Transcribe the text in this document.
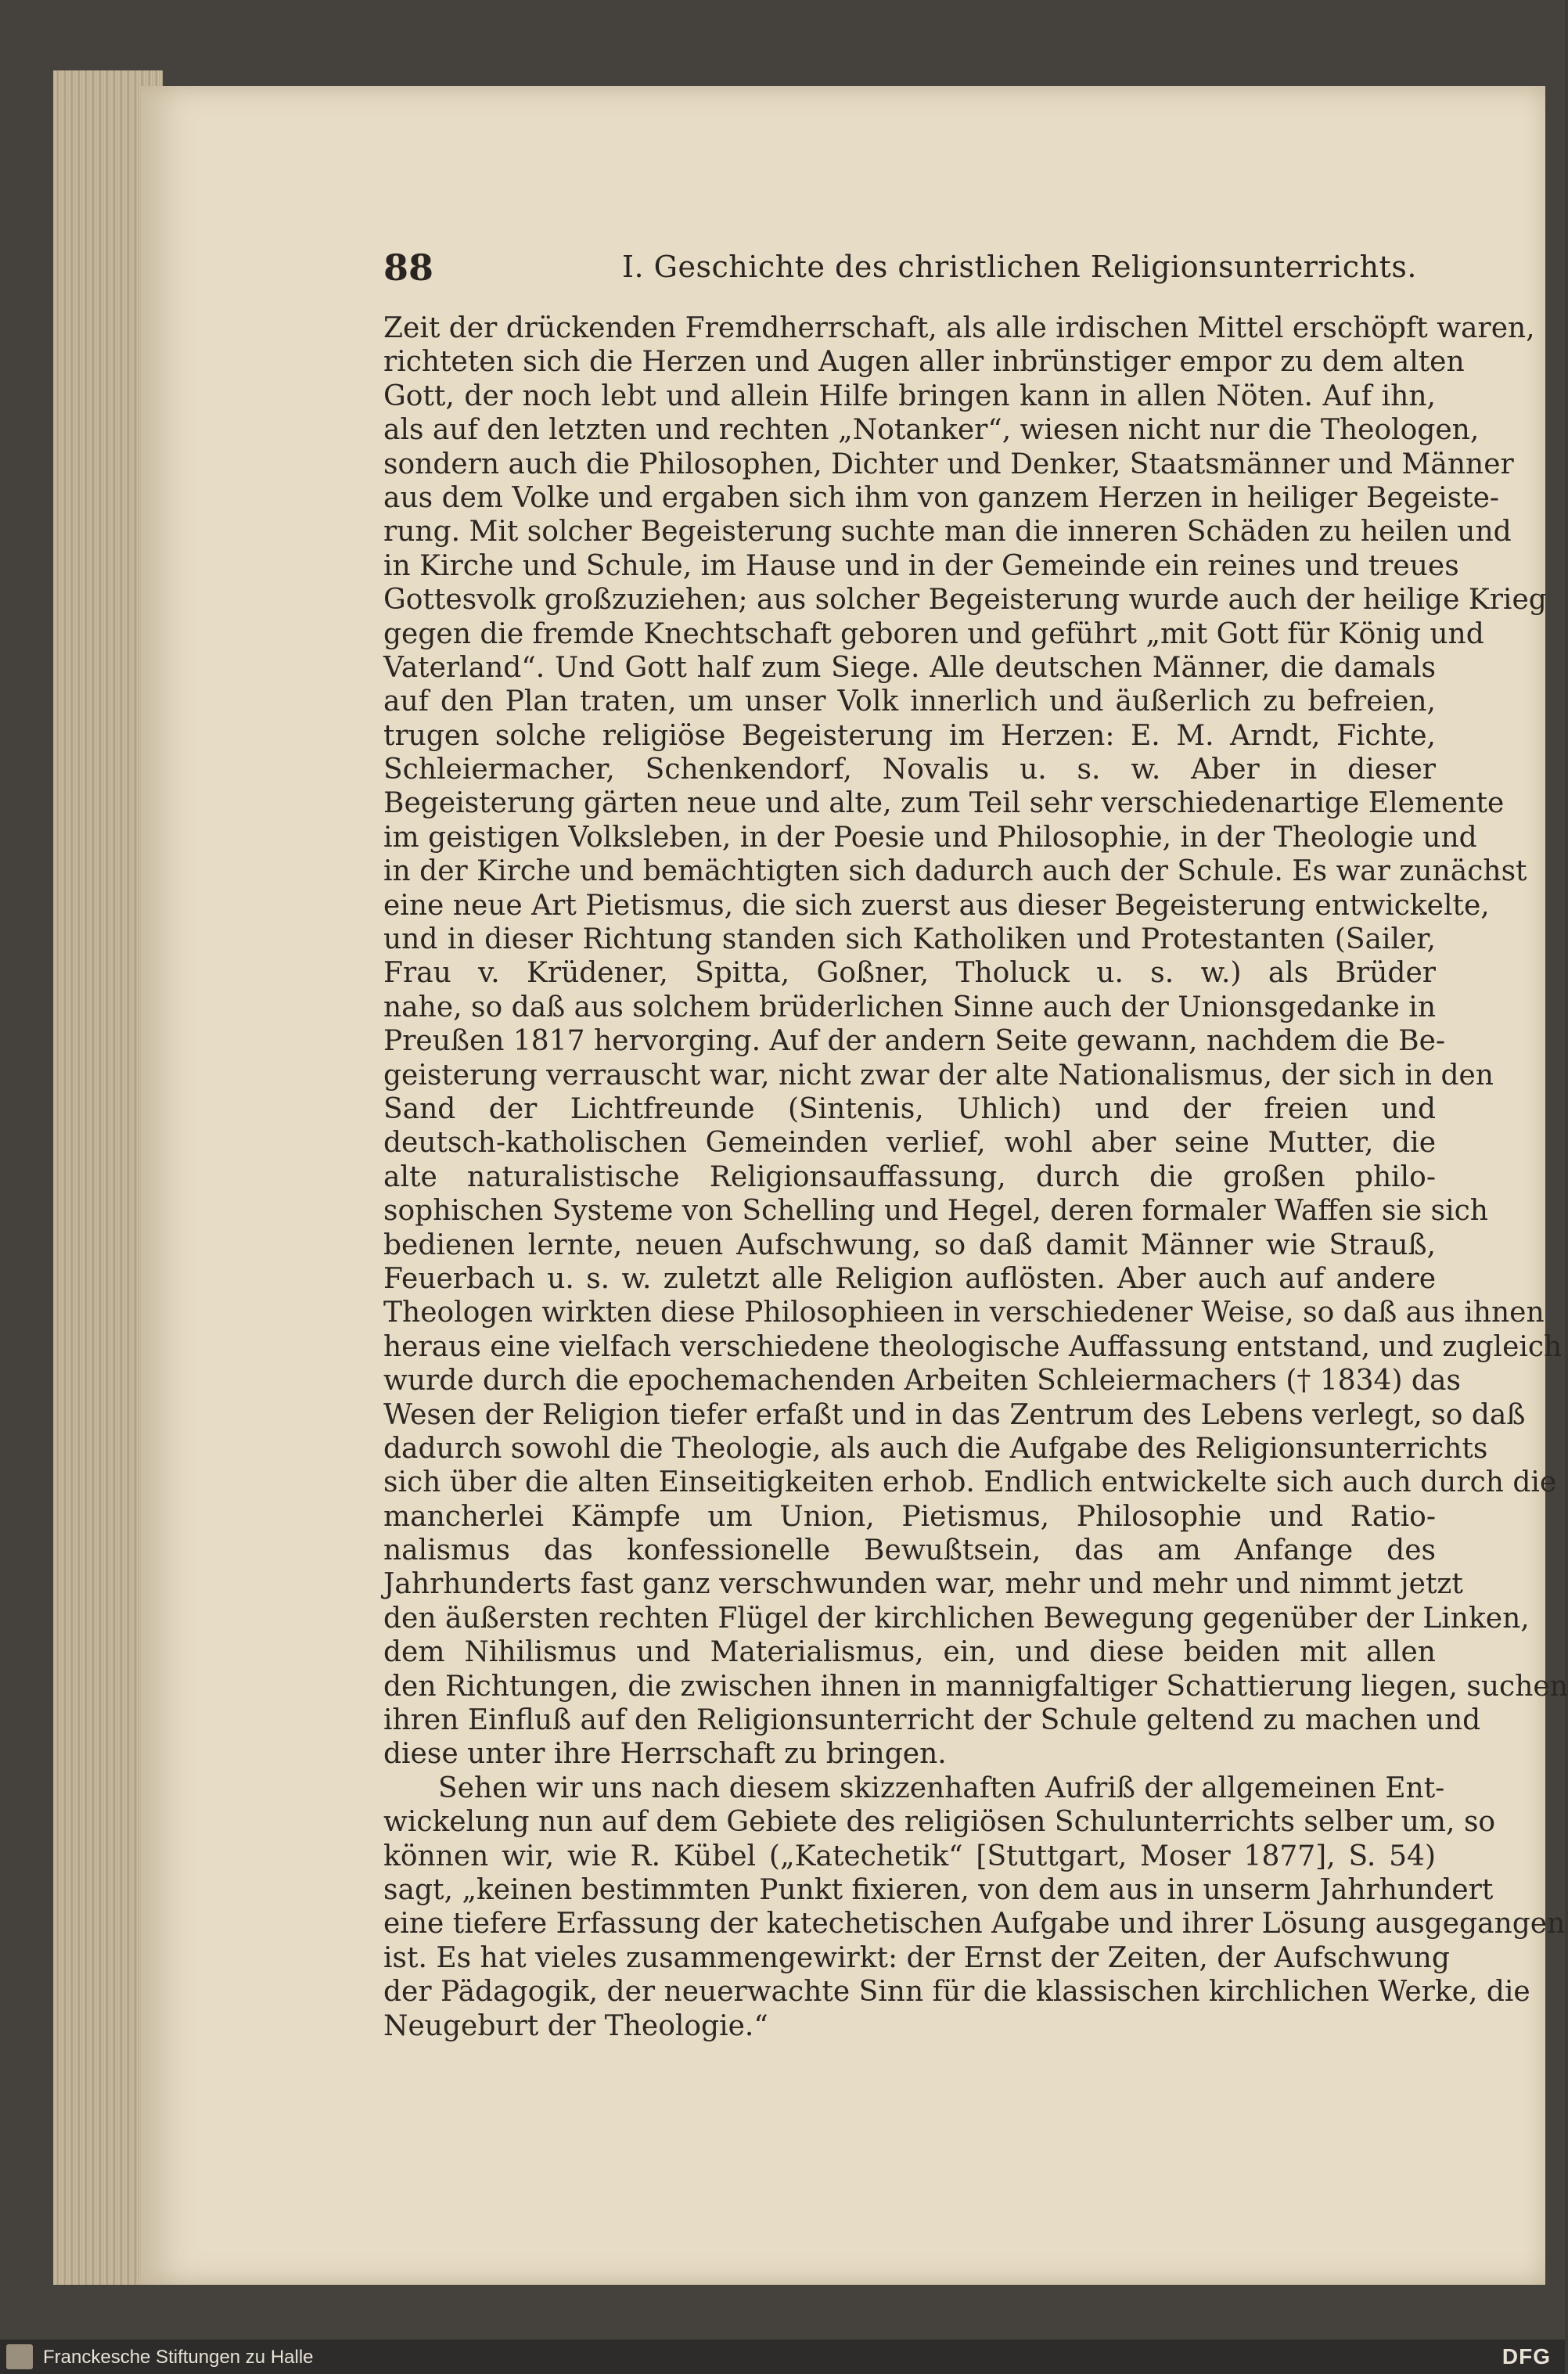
88	I. Geschichte des christlichen Religionsunterrichts.
Zeit der drückenden Fremdherrschaft, als alle irdischen Mittel erschöpft waren,
richteten sich die Herzen und Augen aller inbrünstiger empor zu dem alten
Gott, der noch lebt und allein Hilfe bringen kann in allen Nöten. Auf ihn,
als auf den letzten und rechten „Notanker“, wiesen nicht nur die Theologen,
sondern auch die Philosophen, Dichter und Denker, Staatsmänner und Männer
aus dem Volke und ergaben sich ihm von ganzem Herzen in heiliger Begeiste-
rung. Mit solcher Begeisterung suchte man die inneren Schäden zu heilen und
in Kirche und Schule, im Hause und in der Gemeinde ein reines und treues
Gottesvolk großzuziehen; aus solcher Begeisterung wurde auch der heilige Krieg
gegen die fremde Knechtschaft geboren und geführt „mit Gott für König und
Vaterland“. Und Gott half zum Siege. Alle deutschen Männer, die damals
auf den Plan traten, um unser Volk innerlich und äußerlich zu befreien,
trugen solche religiöse Begeisterung im Herzen: E. M. Arndt, Fichte,
Schleiermacher, Schenkendorf, Novalis u. s. w. Aber in dieser
Begeisterung gärten neue und alte, zum Teil sehr verschiedenartige Elemente
im geistigen Volksleben, in der Poesie und Philosophie, in der Theologie und
in der Kirche und bemächtigten sich dadurch auch der Schule. Es war zunächst
eine neue Art Pietismus, die sich zuerst aus dieser Begeisterung entwickelte,
und in dieser Richtung standen sich Katholiken und Protestanten (Sailer,
Frau v. Krüdener, Spitta, Goßner, Tholuck u. s. w.) als Brüder
nahe, so daß aus solchem brüderlichen Sinne auch der Unionsgedanke in
Preußen 1817 hervorging. Auf der andern Seite gewann, nachdem die Be-
geisterung verrauscht war, nicht zwar der alte Nationalismus, der sich in den
Sand der Lichtfreunde (Sintenis, Uhlich) und der freien und
deutsch-katholischen Gemeinden verlief, wohl aber seine Mutter, die
alte naturalistische Religionsauffassung, durch die großen philo-
sophischen Systeme von Schelling und Hegel, deren formaler Waffen sie sich
bedienen lernte, neuen Aufschwung, so daß damit Männer wie Strauß,
Feuerbach u. s. w. zuletzt alle Religion auflösten. Aber auch auf andere
Theologen wirkten diese Philosophieen in verschiedener Weise, so daß aus ihnen
heraus eine vielfach verschiedene theologische Auffassung entstand, und zugleich
wurde durch die epochemachenden Arbeiten Schleiermachers († 1834) das
Wesen der Religion tiefer erfaßt und in das Zentrum des Lebens verlegt, so daß
dadurch sowohl die Theologie, als auch die Aufgabe des Religionsunterrichts
sich über die alten Einseitigkeiten erhob. Endlich entwickelte sich auch durch die
mancherlei Kämpfe um Union, Pietismus, Philosophie und Ratio-
nalismus das konfessionelle Bewußtsein, das am Anfange des
Jahrhunderts fast ganz verschwunden war, mehr und mehr und nimmt jetzt
den äußersten rechten Flügel der kirchlichen Bewegung gegenüber der Linken,
dem Nihilismus und Materialismus, ein, und diese beiden mit allen
den Richtungen, die zwischen ihnen in mannigfaltiger Schattierung liegen, suchen
ihren Einfluß auf den Religionsunterricht der Schule geltend zu machen und
diese unter ihre Herrschaft zu bringen.
Sehen wir uns nach diesem skizzenhaften Aufriß der allgemeinen Ent-
wickelung nun auf dem Gebiete des religiösen Schulunterrichts selber um, so
können wir, wie R. Kübel („Katechetik“ [Stuttgart, Moser 1877], S. 54)
sagt, „keinen bestimmten Punkt fixieren, von dem aus in unserm Jahrhundert
eine tiefere Erfassung der katechetischen Aufgabe und ihrer Lösung ausgegangen
ist. Es hat vieles zusammengewirkt: der Ernst der Zeiten, der Aufschwung
der Pädagogik, der neuerwachte Sinn für die klassischen kirchlichen Werke, die
Neugeburt der Theologie.“
Franckesche Stiftungen zu Halle	DFG
